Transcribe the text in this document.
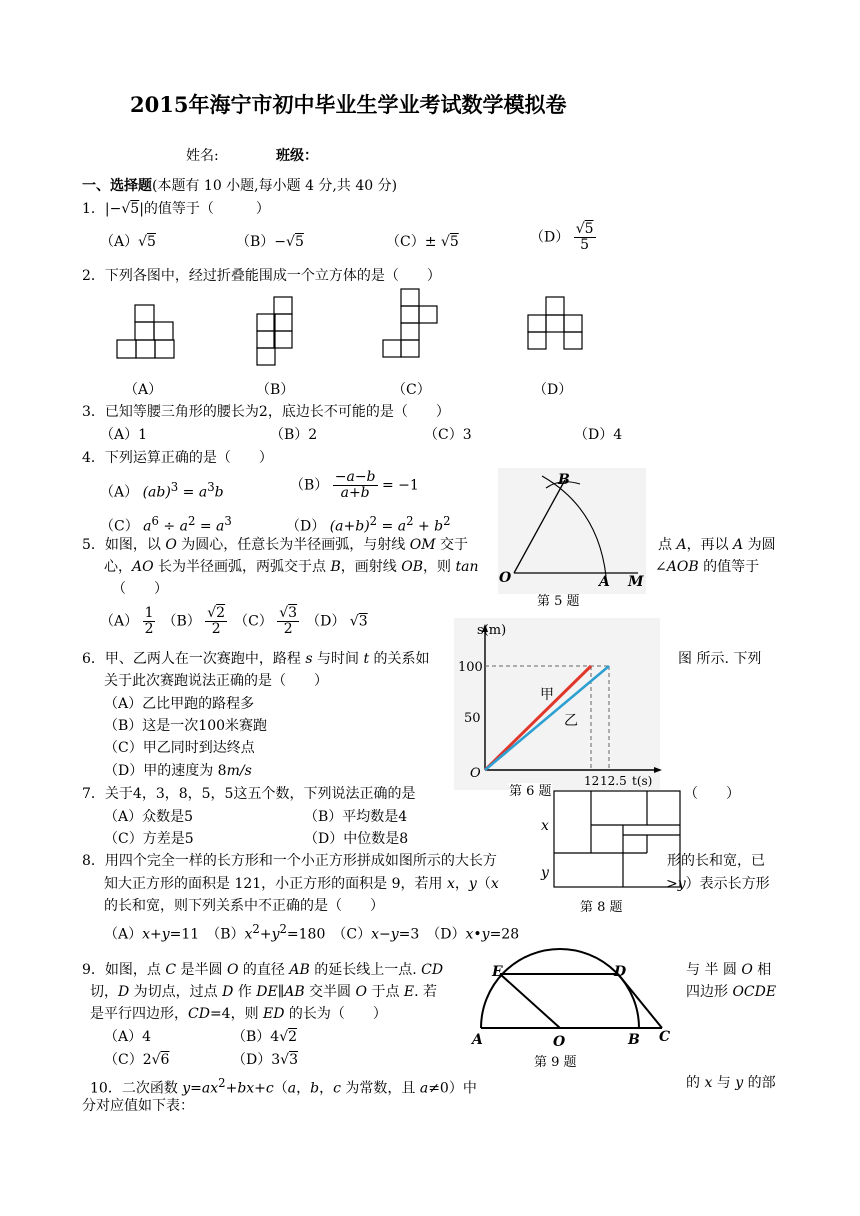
2015年海宁市初中毕业生学业考试数学模拟卷
姓名:	班级：
一、选择题(本题有 10 小题,每小题 4 分,共 40 分)
1．|−√5|的值等于（　　　）
（A）√5	（B）−√5	（C）± √5	$(D) \frac{√5}{5}$
2．下列各图中，经过折叠能围成一个立方体的是（　　）
（A）	（B）	（C）	（D）
3．已知等腰三角形的腰长为2，底边长不可能的是（　　）
（A）1	（B）2	（C）3	（D）4
4．下列运算正确的是（　　）
（A） $(ab)^3 = a^3b$	$(B) \frac{-a-b}{a+b} = -1$
（C） $a^6 \div a^2 = a^3$	（D） $(a+b)^2 = a^2 + b^2$
B
O	A M
5．如图，以 O 为圆心，任意长为半径画弧，与射线 OM 交于	点 A，再以 A 为圆
心，AO 长为半径画弧，两弧交于点 B，画射线 OB，则 tan	∠AOB 的值等于
（　　）
第 5 题
$(A) \frac{1}{2}$ 　$(B) \frac{√2}{2}$ 　$(C) \frac{√3}{2}$ 　（D） √3
s(m)
100
50
O	12 12.5 t(s)
甲
乙
6．甲、乙两人在一次赛跑中，路程 s 与时间 t 的关系如	图 所示. 下列
关于此次赛跑说法正确的是（　　）
（A）乙比甲跑的路程多
（B）这是一次100米赛跑
（C）甲乙同时到达终点
（D）甲的速度为 8m/s
第 6 题
7．关于4，3，8，5，5这五个数，下列说法正确的是	（　　）
（A）众数是5	（B）平均数是4
（C）方差是5	（D）中位数是8
x
y
第 8 题
8．用四个完全一样的长方形和一个小正方形拼成如图所示的大长方	形的长和宽，已
知大正方形的面积是 121，小正方形的面积是 9，若用 x，y（x	>y）表示长方形
的长和宽，则下列关系中不正确的是（　　）
（A）x+y=11　$(B)x^2+y^2=180$　（C）x−y=3　（D）x•y=28
E	D
A	O	B C
第 9 题
9．如图，点 C 是半圆 O 的直径 AB 的延长线上一点. CD	与 半 圆 O 相
切，D 为切点，过点 D 作 DE∥AB 交半圆 O 于点 E. 若	四边形 OCDE
是平行四边形，CD=4，则 ED 的长为（　　）
（A）4	（B）4√2
（C）2√6	（D）3√3
10．二次函数 $y=ax^2+bx+c(a$，b，c 为常数，且 a≠0）中	的 x 与 y 的部
分对应值如下表：
